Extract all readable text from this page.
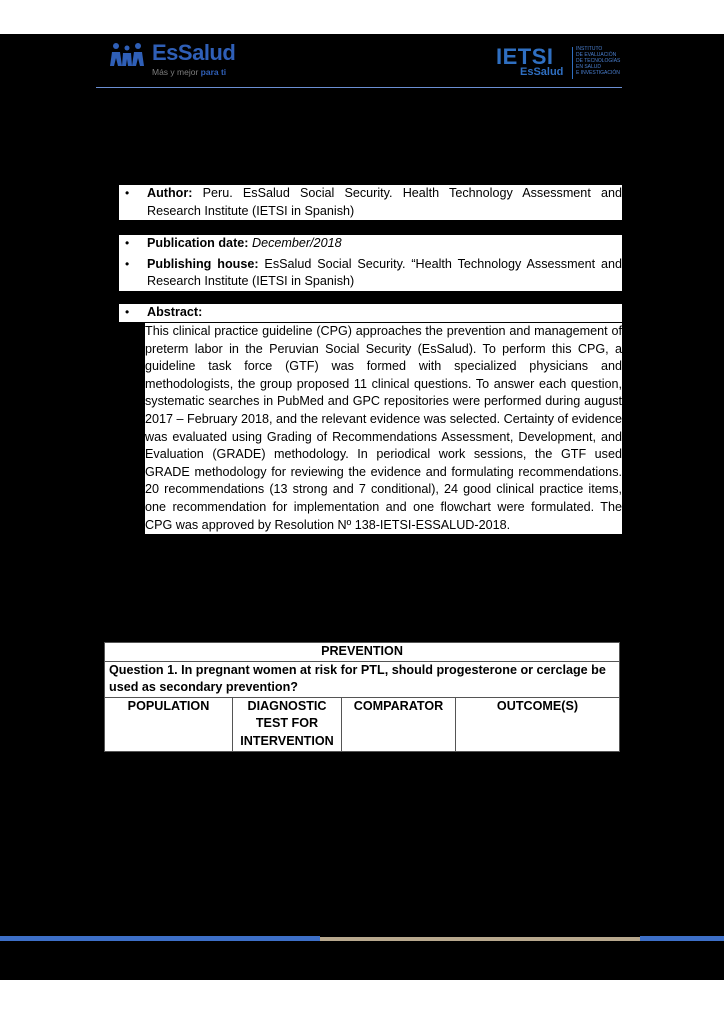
EsSalud
Más y mejor para ti
IETSI
EsSalud
INSTITUTO
DE EVALUACIÓN
DE TECNOLOGÍAS
EN SALUD
E INVESTIGACIÓN
• Author: Peru. EsSalud Social Security. Health Technology Assessment and Research Institute (IETSI in Spanish)
• Publication date: December/2018
• Publishing house: EsSalud Social Security. “Health Technology Assessment and Research Institute (IETSI in Spanish)
• Abstract:
This clinical practice guideline (CPG) approaches the prevention and management of preterm labor in the Peruvian Social Security (EsSalud). To perform this CPG, a guideline task force (GTF) was formed with specialized physicians and methodologists, the group proposed 11 clinical questions. To answer each question, systematic searches in PubMed and GPC repositories were performed during august 2017 – February 2018, and the relevant evidence was selected. Certainty of evidence was evaluated using Grading of Recommendations Assessment, Development, and Evaluation (GRADE) methodology. In periodical work sessions, the GTF used GRADE methodology for reviewing the evidence and formulating recommendations. 20 recommendations (13 strong and 7 conditional), 24 good clinical practice items, one recommendation for implementation and one flowchart were formulated. The CPG was approved by Resolution Nº 138-IETSI-ESSALUD-2018.
PREVENTION
Question 1. In pregnant women at risk for PTL, should progesterone or cerclage be used as secondary prevention?
POPULATION	DIAGNOSTIC TEST FOR INTERVENTION	COMPARATOR	OUTCOME(S)
